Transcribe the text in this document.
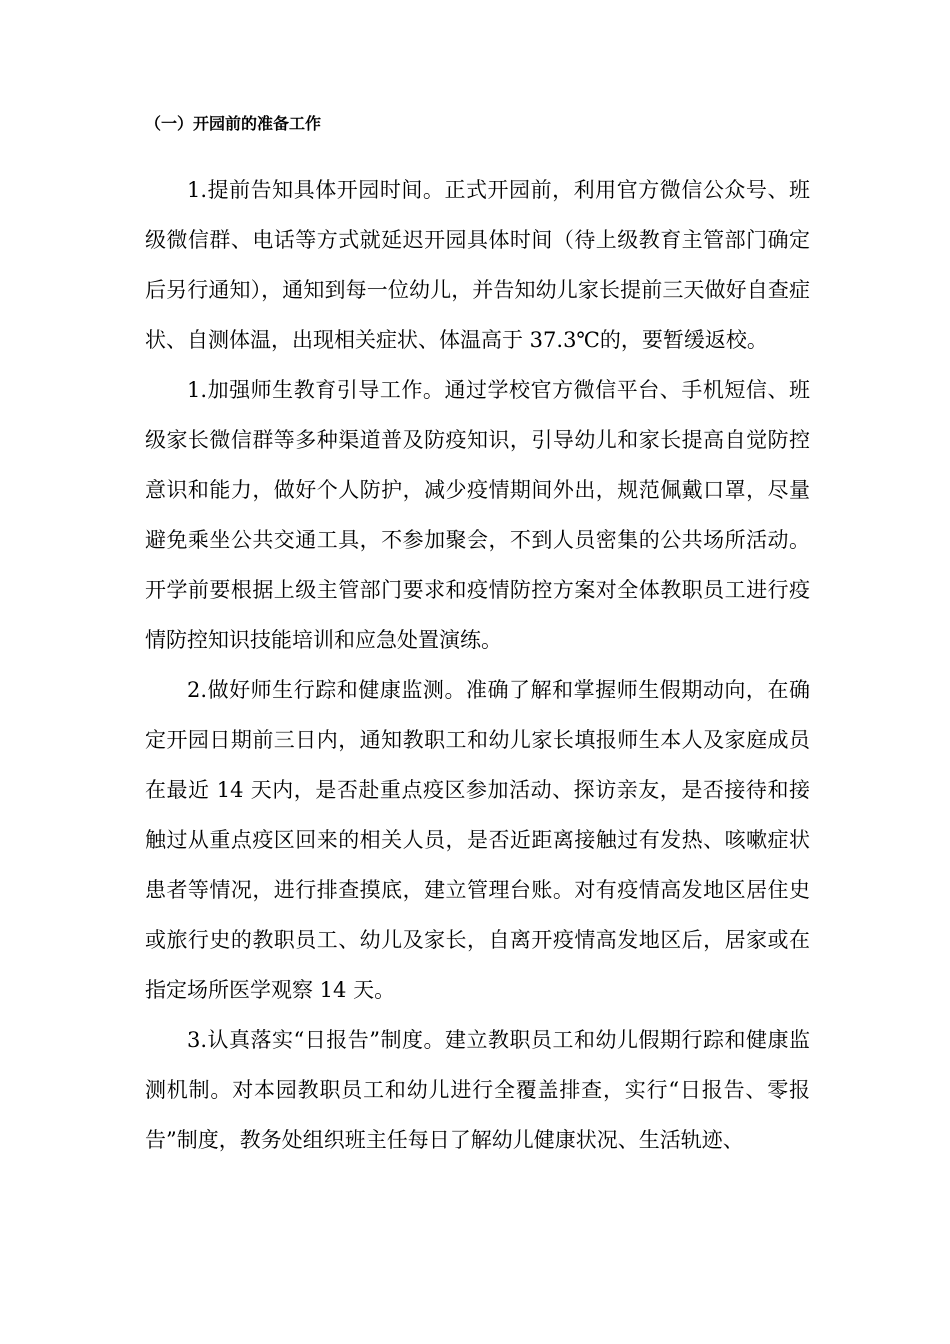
（一）开园前的准备工作

1.提前告知具体开园时间。正式开园前，利用官方微信公众号、班级微信群、电话等方式就延迟开园具体时间（待上级教育主管部门确定后另行通知），通知到每一位幼儿，并告知幼儿家长提前三天做好自查症状、自测体温，出现相关症状、体温高于 37.3℃的，要暂缓返校。

1.加强师生教育引导工作。通过学校官方微信平台、手机短信、班级家长微信群等多种渠道普及防疫知识，引导幼儿和家长提高自觉防控意识和能力，做好个人防护，减少疫情期间外出，规范佩戴口罩，尽量避免乘坐公共交通工具，不参加聚会，不到人员密集的公共场所活动。开学前要根据上级主管部门要求和疫情防控方案对全体教职员工进行疫情防控知识技能培训和应急处置演练。

2.做好师生行踪和健康监测。准确了解和掌握师生假期动向，在确定开园日期前三日内，通知教职工和幼儿家长填报师生本人及家庭成员在最近 14 天内，是否赴重点疫区参加活动、探访亲友，是否接待和接触过从重点疫区回来的相关人员，是否近距离接触过有发热、咳嗽症状患者等情况，进行排查摸底，建立管理台账。对有疫情高发地区居住史或旅行史的教职员工、幼儿及家长，自离开疫情高发地区后，居家或在指定场所医学观察 14 天。

3.认真落实“日报告”制度。建立教职员工和幼儿假期行踪和健康监测机制。对本园教职员工和幼儿进行全覆盖排查，实行“日报告、零报告”制度，教务处组织班主任每日了解幼儿健康状况、生活轨迹、
